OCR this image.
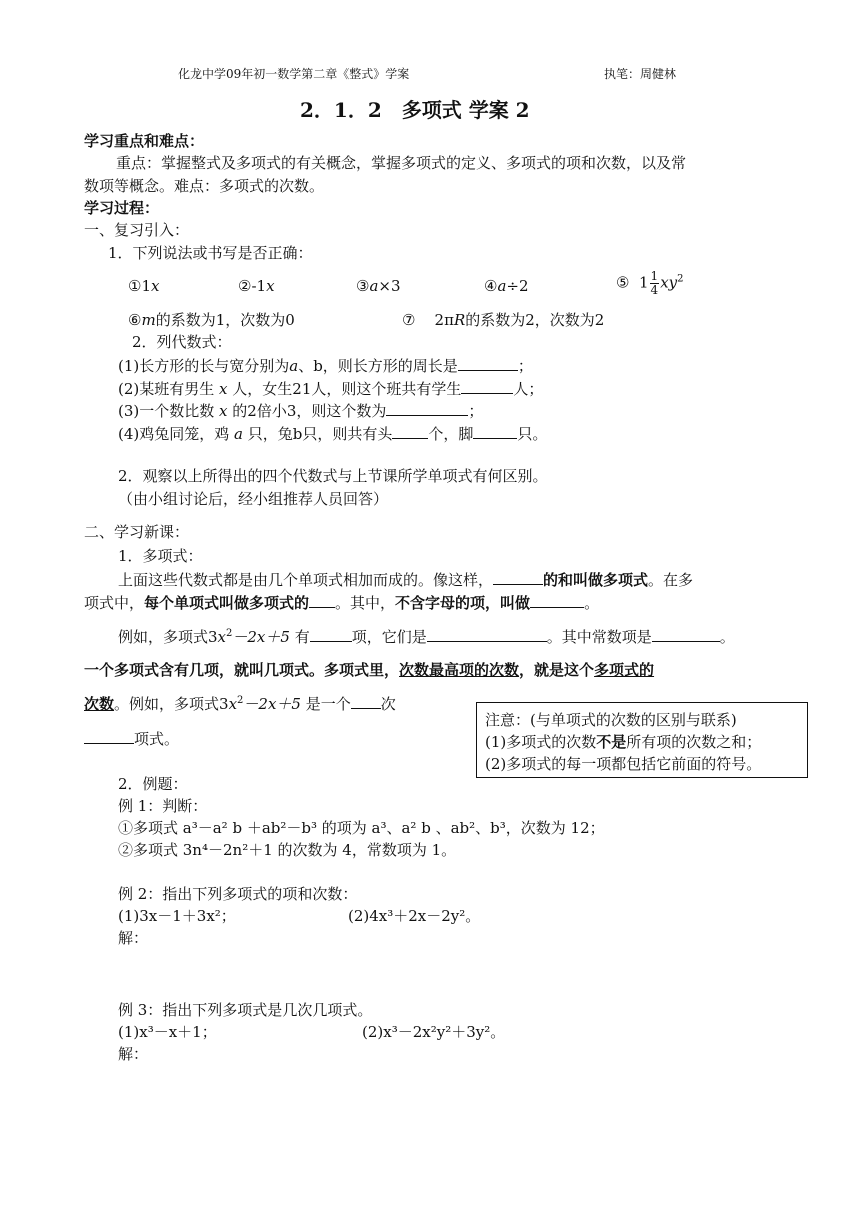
化龙中学09年初一数学第二章《整式》学案	执笔：周健林
2．1．2　多项式 学案 2
学习重点和难点：
重点：掌握整式及多项式的有关概念，掌握多项式的定义、多项式的项和次数，以及常
数项等概念。难点：多项式的次数。
学习过程：
一、复习引入：
1．下列说法或书写是否正确：
①1x	②-1x	③a×3	④a÷2	⑤ $1 \frac{1}{4} xy^2$
⑥m的系数为1，次数为0	⑦ 2πR的系数为2，次数为2
2．列代数式：
(1)长方形的长与宽分别为a、b，则长方形的周长是	；
(2)某班有男生 x 人，女生21人，则这个班共有学生	人；
(3)一个数比数 x 的2倍小3，则这个数为	；
(4)鸡兔同笼，鸡 a 只，兔b只，则共有头 个，脚	只。
2．观察以上所得出的四个代数式与上节课所学单项式有何区别。
（由小组讨论后，经小组推荐人员回答）
二、学习新课：
1．多项式：
上面这些代数式都是由几个单项式相加而成的。像这样，	的和叫做多项式。在多
项式中，每个单项式叫做多项式的 。其中，不含字母的项，叫做	。
例如，多项式$3x^2-2x+5$ 有	项，它们是	。其中常数项是	。
一个多项式含有几项，就叫几项式。多项式里，次数最高项的次数，就是这个多项式的
次数。例如，多项式$3x^2-2x+5$ 是一个 次
项式。
注意：(与单项式的次数的区别与联系)
(1)多项式的次数不是所有项的次数之和；
(2)多项式的每一项都包括它前面的符号。
2．例题：
例 1：判断：
①多项式 a³－a² b ＋ab²－b³ 的项为 a³、a² b 、ab²、b³，次数为 12；
②多项式 3n⁴－2n²＋1 的次数为 4，常数项为 1。
例 2：指出下列多项式的项和次数：
(1)3x－1＋3x²；	(2)4x³＋2x－2y²。
解：
例 3：指出下列多项式是几次几项式。
(1)x³－x＋1；	(2)x³－2x²y²＋3y²。
解：
